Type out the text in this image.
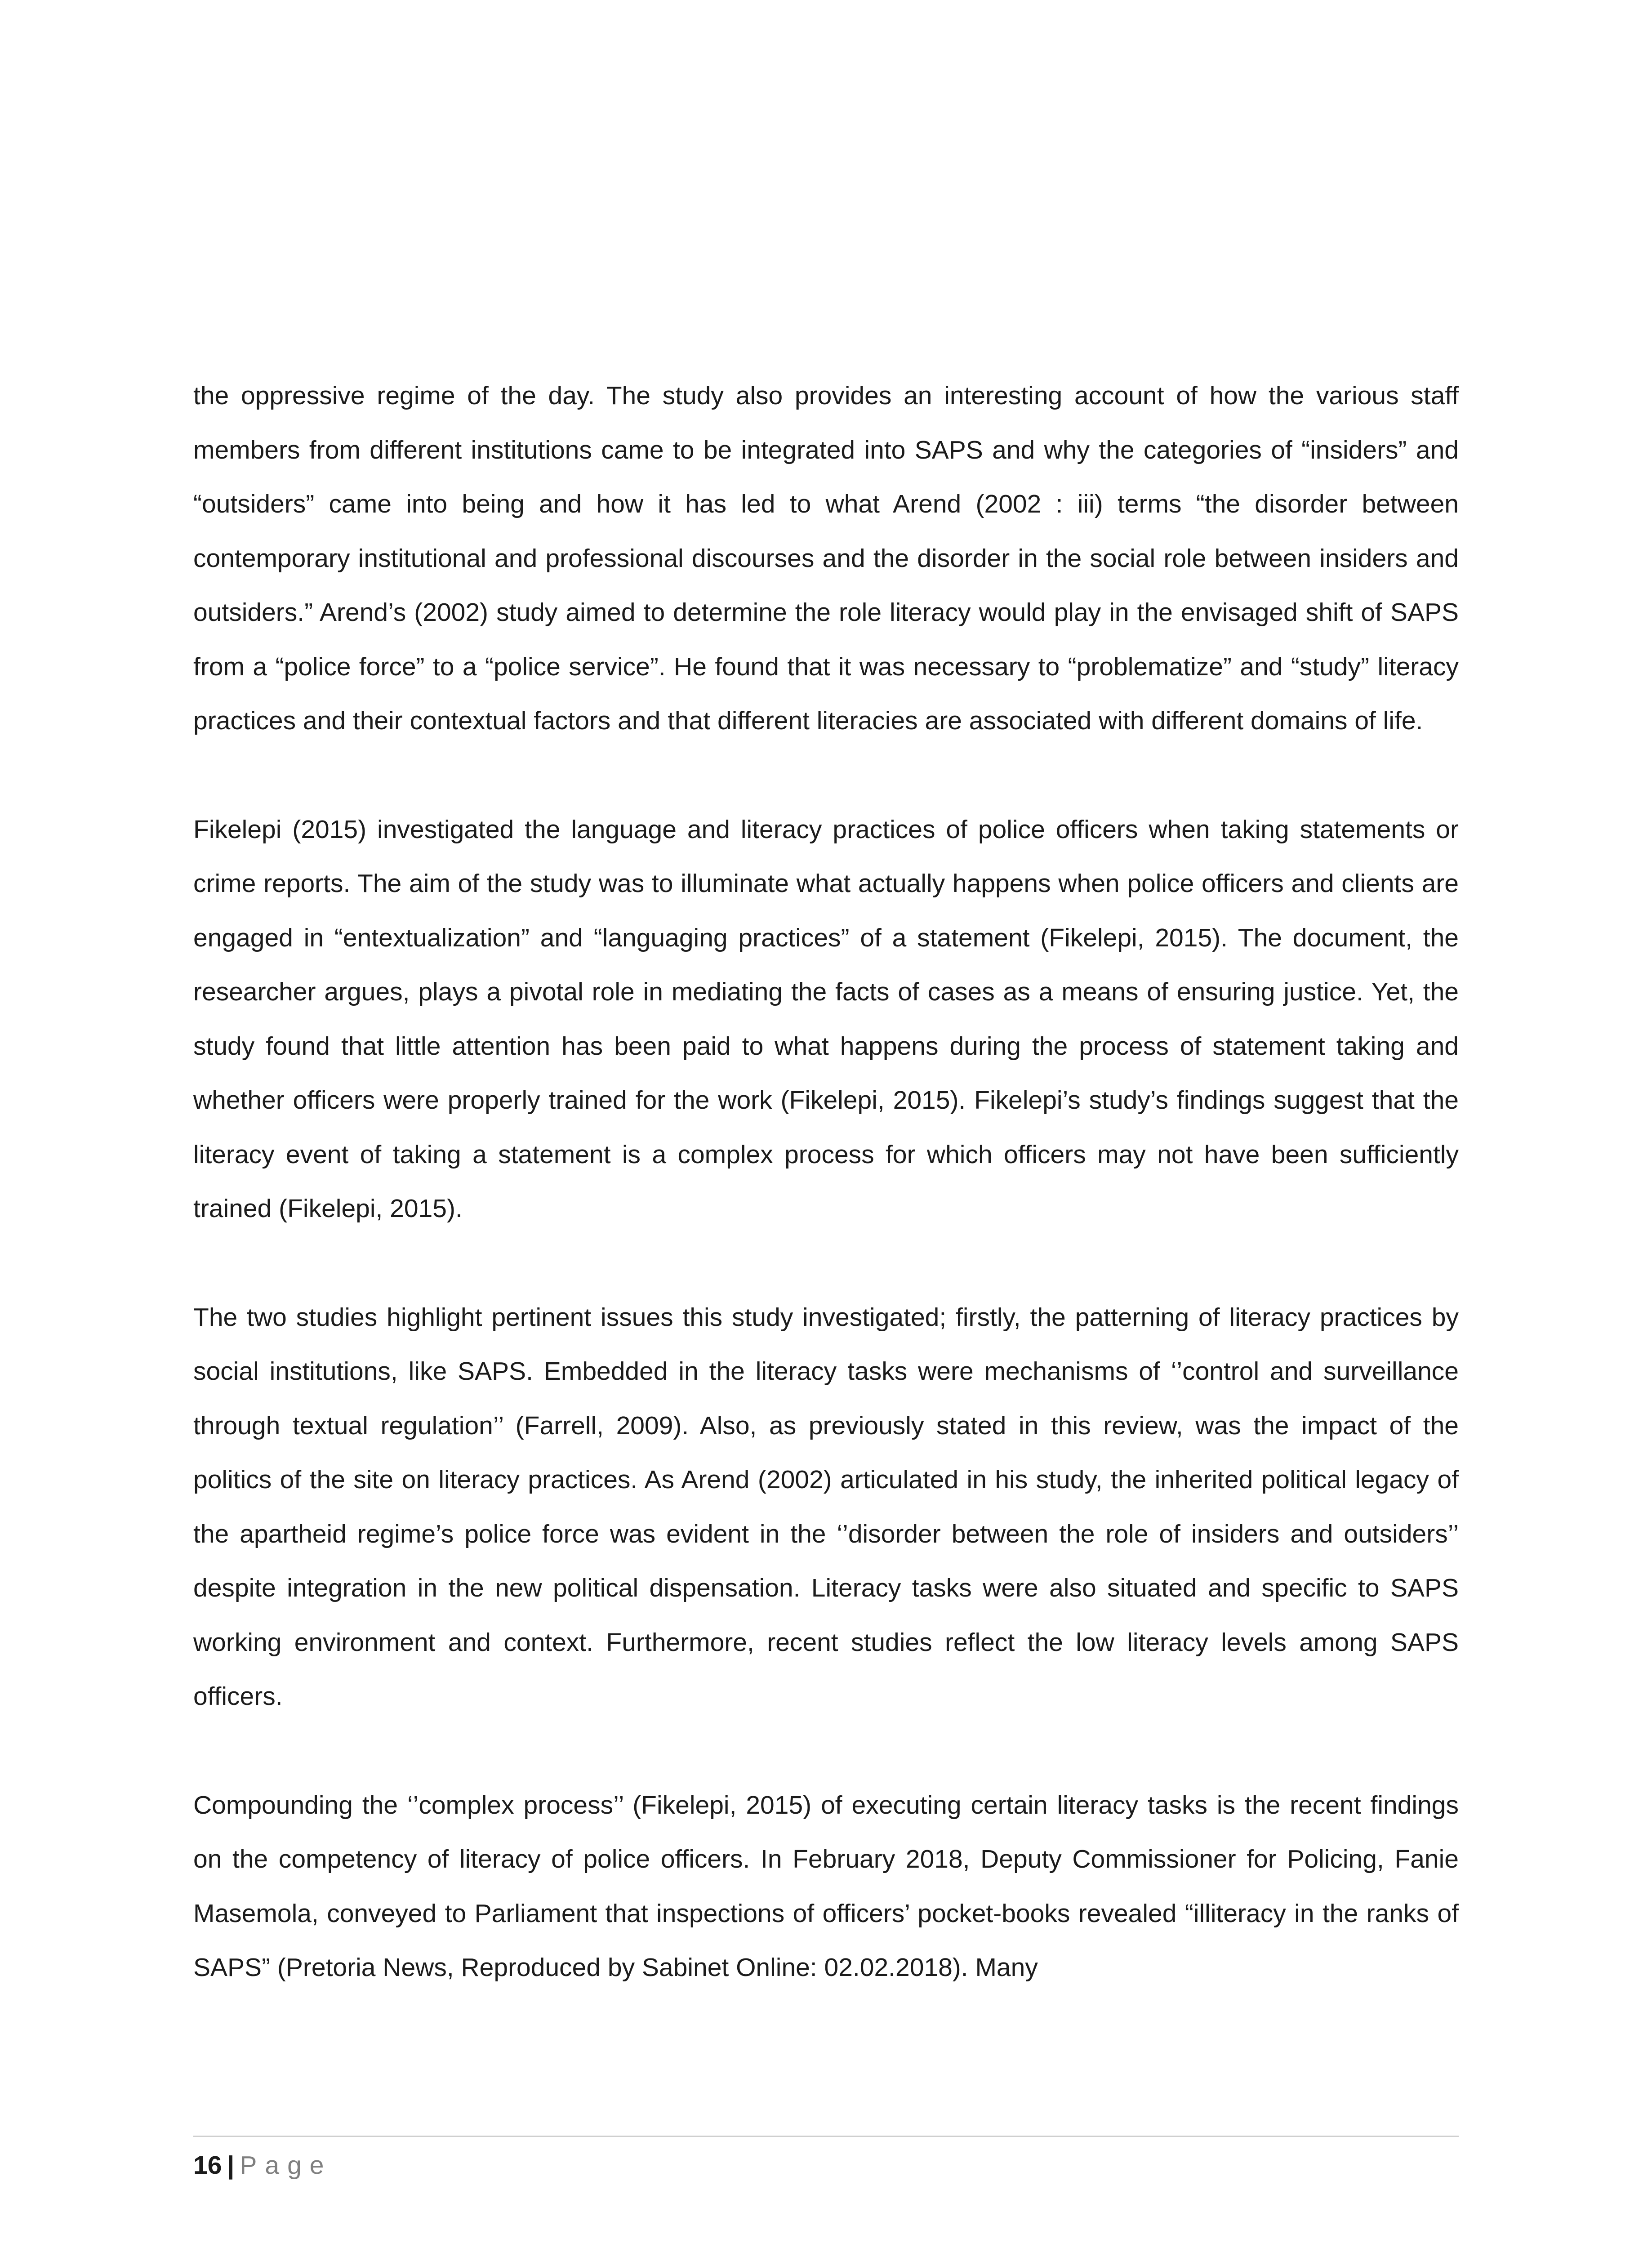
the oppressive regime of the day. The study also provides an interesting account of how the various staff members from different institutions came to be integrated into SAPS and why the categories of “insiders” and “outsiders” came into being and how it has led to what Arend (2002 : iii) terms “the disorder between contemporary institutional and professional discourses and the disorder in the social role between insiders and outsiders.” Arend’s (2002) study aimed to determine the role literacy would play in the envisaged shift of SAPS from a “police force” to a “police service”. He found that it was necessary to “problematize” and “study” literacy practices and their contextual factors and that different literacies are associated with different domains of life.

Fikelepi (2015) investigated the language and literacy practices of police officers when taking statements or crime reports. The aim of the study was to illuminate what actually happens when police officers and clients are engaged in “entextualization” and “languaging practices” of a statement (Fikelepi, 2015). The document, the researcher argues, plays a pivotal role in mediating the facts of cases as a means of ensuring justice. Yet, the study found that little attention has been paid to what happens during the process of statement taking and whether officers were properly trained for the work (Fikelepi, 2015). Fikelepi’s study’s findings suggest that the literacy event of taking a statement is a complex process for which officers may not have been sufficiently trained (Fikelepi, 2015).

The two studies highlight pertinent issues this study investigated; firstly, the patterning of literacy practices by social institutions, like SAPS. Embedded in the literacy tasks were mechanisms of ‘’control and surveillance through textual regulation’’ (Farrell, 2009). Also, as previously stated in this review, was the impact of the politics of the site on literacy practices. As Arend (2002) articulated in his study, the inherited political legacy of the apartheid regime’s police force was evident in the ‘’disorder between the role of insiders and outsiders’’ despite integration in the new political dispensation. Literacy tasks were also situated and specific to SAPS working environment and context. Furthermore, recent studies reflect the low literacy levels among SAPS officers.

Compounding the ‘’complex process’’ (Fikelepi, 2015) of executing certain literacy tasks is the recent findings on the competency of literacy of police officers. In February 2018, Deputy Commissioner for Policing, Fanie Masemola, conveyed to Parliament that inspections of officers’ pocket-books revealed “illiteracy in the ranks of SAPS” (Pretoria News, Reproduced by Sabinet Online: 02.02.2018). Many

16 | Page
